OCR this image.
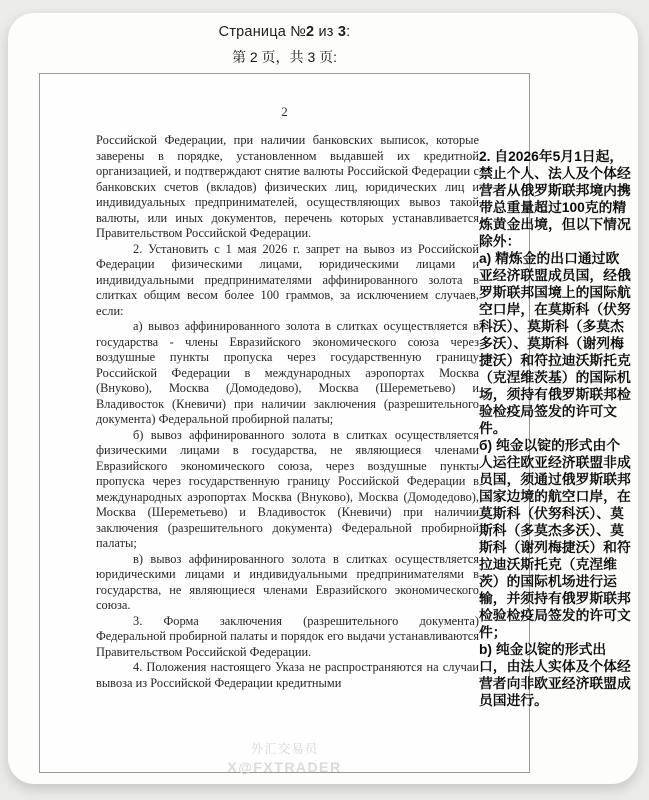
Страница №2 из 3:
第 2 页，共 3 页:
2

Российской Федерации, при наличии банковских выписок, которые заверены в порядке, установленном выдавшей их кредитной организацией, и подтверждают снятие валюты Российской Федерации с банковских счетов (вкладов) физических лиц, юридических лиц и индивидуальных предпринимателей, осуществляющих вывоз такой валюты, или иных документов, перечень которых устанавливается Правительством Российской Федерации.

2. Установить с 1 мая 2026 г. запрет на вывоз из Российской Федерации физическими лицами, юридическими лицами и индивидуальными предпринимателями аффинированного золота в слитках общим весом более 100 граммов, за исключением случаев, если:

а) вывоз аффинированного золота в слитках осуществляется в государства - члены Евразийского экономического союза через воздушные пункты пропуска через государственную границу Российской Федерации в международных аэропортах Москва (Внуково), Москва (Домодедово), Москва (Шереметьево) и Владивосток (Кневичи) при наличии заключения (разрешительного документа) Федеральной пробирной палаты;

б) вывоз аффинированного золота в слитках осуществляется физическими лицами в государства, не являющиеся членами Евразийского экономического союза, через воздушные пункты пропуска через государственную границу Российской Федерации в международных аэропортах Москва (Внуково), Москва (Домодедово), Москва (Шереметьево) и Владивосток (Кневичи) при наличии заключения (разрешительного документа) Федеральной пробирной палаты;

в) вывоз аффинированного золота в слитках осуществляется юридическими лицами и индивидуальными предпринимателями в государства, не являющиеся членами Евразийского экономического союза.

3. Форма заключения (разрешительного документа) Федеральной пробирной палаты и порядок его выдачи устанавливаются Правительством Российской Федерации.

4. Положения настоящего Указа не распространяются на случаи вывоза из Российской Федерации кредитными

外汇交易员
X@FXTRADER

2. 自2026年5月1日起，禁止个人、法人及个体经营者从俄罗斯联邦境内携带总重量超过100克的精炼黄金出境，但以下情况除外：

a) 精炼金的出口通过欧亚经济联盟成员国，经俄罗斯联邦国境上的国际航空口岸，在莫斯科（伏努科沃）、莫斯科（多莫杰多沃）、莫斯科（谢列梅捷沃）和符拉迪沃斯托克（克涅维茨基）的国际机场，须持有俄罗斯联邦检验检疫局签发的许可文件。

б) 纯金以锭的形式由个人运往欧亚经济联盟非成员国，须通过俄罗斯联邦国家边境的航空口岸，在莫斯科（伏努科沃）、莫斯科（多莫杰多沃）、莫斯科（谢列梅捷沃）和符拉迪沃斯托克（克涅维茨）的国际机场进行运输，并须持有俄罗斯联邦检验检疫局签发的许可文件；

b) 纯金以锭的形式出口，由法人实体及个体经营者向非欧亚经济联盟成员国进行。
